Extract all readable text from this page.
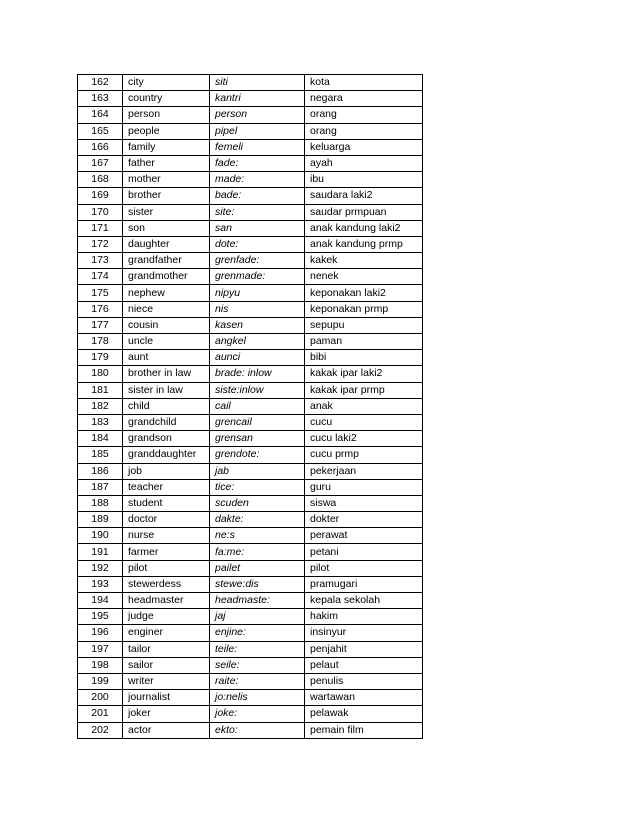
162	city	siti	kota
163	country	kantri	negara
164	person	person	orang
165	people	pipel	orang
166	family	femeli	keluarga
167	father	fade:	ayah
168	mother	made:	ibu
169	brother	bade:	saudara laki2
170	sister	site:	saudar prmpuan
171	son	san	anak kandung laki2
172	daughter	dote:	anak kandung prmp
173	grandfather	grenfade:	kakek
174	grandmother	grenmade:	nenek
175	nephew	nipyu	keponakan laki2
176	niece	nis	keponakan prmp
177	cousin	kasen	sepupu
178	uncle	angkel	paman
179	aunt	aunci	bibi
180	brother in law	brade: inlow	kakak ipar laki2
181	sister in law	siste:inlow	kakak ipar prmp
182	child	cail	anak
183	grandchild	grencail	cucu
184	grandson	grensan	cucu laki2
185	granddaughter	grendote:	cucu prmp
186	job	jab	pekerjaan
187	teacher	tice:	guru
188	student	scuden	siswa
189	doctor	dakte:	dokter
190	nurse	ne:s	perawat
191	farmer	fa:me:	petani
192	pilot	pailet	pilot
193	stewerdess	stewe:dis	pramugari
194	headmaster	headmaste:	kepala sekolah
195	judge	jaj	hakim
196	enginer	enjine:	insinyur
197	tailor	teile:	penjahit
198	sailor	seile:	pelaut
199	writer	raite:	penulis
200	journalist	jo:nelis	wartawan
201	joker	joke:	pelawak
202	actor	ekto:	pemain film
